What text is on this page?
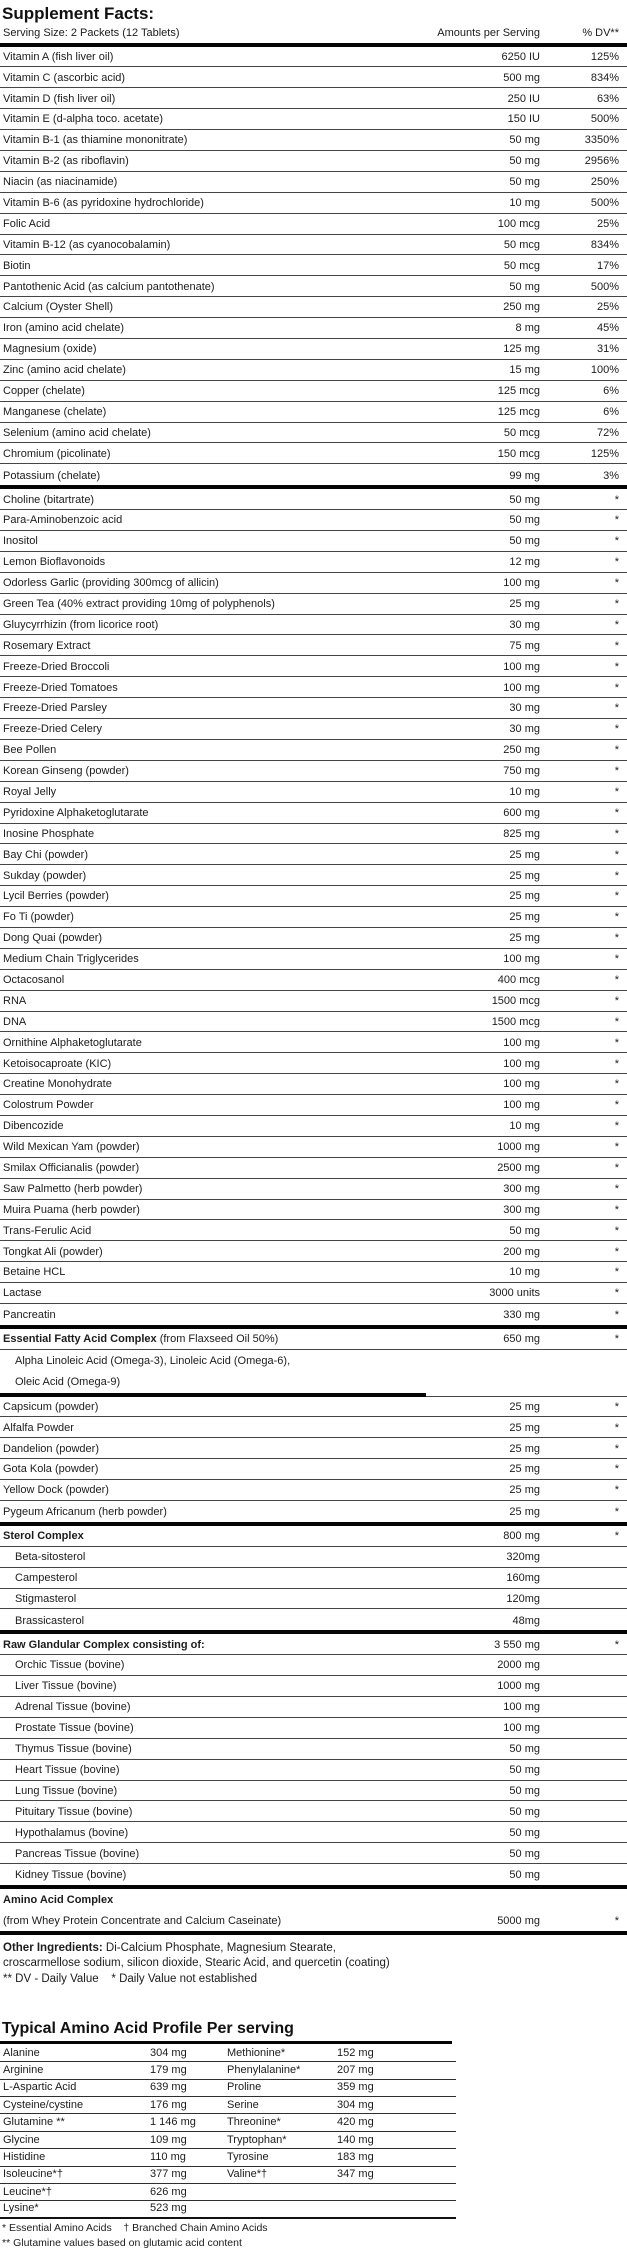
Supplement Facts:
Serving Size: 2 Packets (12 Tablets)	Amounts per Serving	% DV**
Vitamin A (fish liver oil)	6250 IU	125%
Vitamin C (ascorbic acid)	500 mg	834%
Vitamin D (fish liver oil)	250 IU	63%
Vitamin E (d-alpha toco. acetate)	150 IU	500%
Vitamin B-1 (as thiamine mononitrate)	50 mg	3350%
Vitamin B-2 (as riboflavin)	50 mg	2956%
Niacin (as niacinamide)	50 mg	250%
Vitamin B-6 (as pyridoxine hydrochloride)	10 mg	500%
Folic Acid	100 mcg	25%
Vitamin B-12 (as cyanocobalamin)	50 mcg	834%
Biotin	50 mcg	17%
Pantothenic Acid (as calcium pantothenate)	50 mg	500%
Calcium (Oyster Shell)	250 mg	25%
Iron (amino acid chelate)	8 mg	45%
Magnesium (oxide)	125 mg	31%
Zinc (amino acid chelate)	15 mg	100%
Copper (chelate)	125 mcg	6%
Manganese (chelate)	125 mcg	6%
Selenium (amino acid chelate)	50 mcg	72%
Chromium (picolinate)	150 mcg	125%
Potassium (chelate)	99 mg	3%
Choline (bitartrate)	50 mg	*
Para-Aminobenzoic acid	50 mg	*
Inositol	50 mg	*
Lemon Bioflavonoids	12 mg	*
Odorless Garlic (providing 300mcg of allicin)	100 mg	*
Green Tea (40% extract providing 10mg of polyphenols)	25 mg	*
Gluycyrrhizin (from licorice root)	30 mg	*
Rosemary Extract	75 mg	*
Freeze-Dried Broccoli	100 mg	*
Freeze-Dried Tomatoes	100 mg	*
Freeze-Dried Parsley	30 mg	*
Freeze-Dried Celery	30 mg	*
Bee Pollen	250 mg	*
Korean Ginseng (powder)	750 mg	*
Royal Jelly	10 mg	*
Pyridoxine Alphaketoglutarate	600 mg	*
Inosine Phosphate	825 mg	*
Bay Chi (powder)	25 mg	*
Sukday (powder)	25 mg	*
Lycil Berries (powder)	25 mg	*
Fo Ti (powder)	25 mg	*
Dong Quai (powder)	25 mg	*
Medium Chain Triglycerides	100 mg	*
Octacosanol	400 mcg	*
RNA	1500 mcg	*
DNA	1500 mcg	*
Ornithine Alphaketoglutarate	100 mg	*
Ketoisocaproate (KIC)	100 mg	*
Creatine Monohydrate	100 mg	*
Colostrum Powder	100 mg	*
Dibencozide	10 mg	*
Wild Mexican Yam (powder)	1000 mg	*
Smilax Officianalis (powder)	2500 mg	*
Saw Palmetto (herb powder)	300 mg	*
Muira Puama (herb powder)	300 mg	*
Trans-Ferulic Acid	50 mg	*
Tongkat Ali (powder)	200 mg	*
Betaine HCL	10 mg	*
Lactase	3000 units	*
Pancreatin	330 mg	*
Essential Fatty Acid Complex (from Flaxseed Oil 50%)	650 mg	*
Alpha Linoleic Acid (Omega-3), Linoleic Acid (Omega-6),
Oleic Acid (Omega-9)
Capsicum (powder)	25 mg	*
Alfalfa Powder	25 mg	*
Dandelion (powder)	25 mg	*
Gota Kola (powder)	25 mg	*
Yellow Dock (powder)	25 mg	*
Pygeum Africanum (herb powder)	25 mg	*
Sterol Complex	800 mg	*
Beta-sitosterol	320mg
Campesterol	160mg
Stigmasterol	120mg
Brassicasterol	48mg
Raw Glandular Complex consisting of:	3 550 mg	*
Orchic Tissue (bovine)	2000 mg
Liver Tissue (bovine)	1000 mg
Adrenal Tissue (bovine)	100 mg
Prostate Tissue (bovine)	100 mg
Thymus Tissue (bovine)	50 mg
Heart Tissue (bovine)	50 mg
Lung Tissue (bovine)	50 mg
Pituitary Tissue (bovine)	50 mg
Hypothalamus (bovine)	50 mg
Pancreas Tissue (bovine)	50 mg
Kidney Tissue (bovine)	50 mg
Amino Acid Complex
(from Whey Protein Concentrate and Calcium Caseinate)	5000 mg	*

Other Ingredients: Di-Calcium Phosphate, Magnesium Stearate,
croscarmellose sodium, silicon dioxide, Stearic Acid, and quercetin (coating)

** DV - Daily Value    * Daily Value not established

Typical Amino Acid Profile Per serving
Alanine	304 mg	Methionine*	152 mg
Arginine	179 mg	Phenylalanine*	207 mg
L-Aspartic Acid	639 mg	Proline	359 mg
Cysteine/cystine	176 mg	Serine	304 mg
Glutamine **	1 146 mg	Threonine*	420 mg
Glycine	109 mg	Tryptophan*	140 mg
Histidine	110 mg	Tyrosine	183 mg
Isoleucine*†	377 mg	Valine*†	347 mg
Leucine*†	626 mg
Lysine*	523 mg

* Essential Amino Acids    † Branched Chain Amino Acids

** Glutamine values based on glutamic acid content
